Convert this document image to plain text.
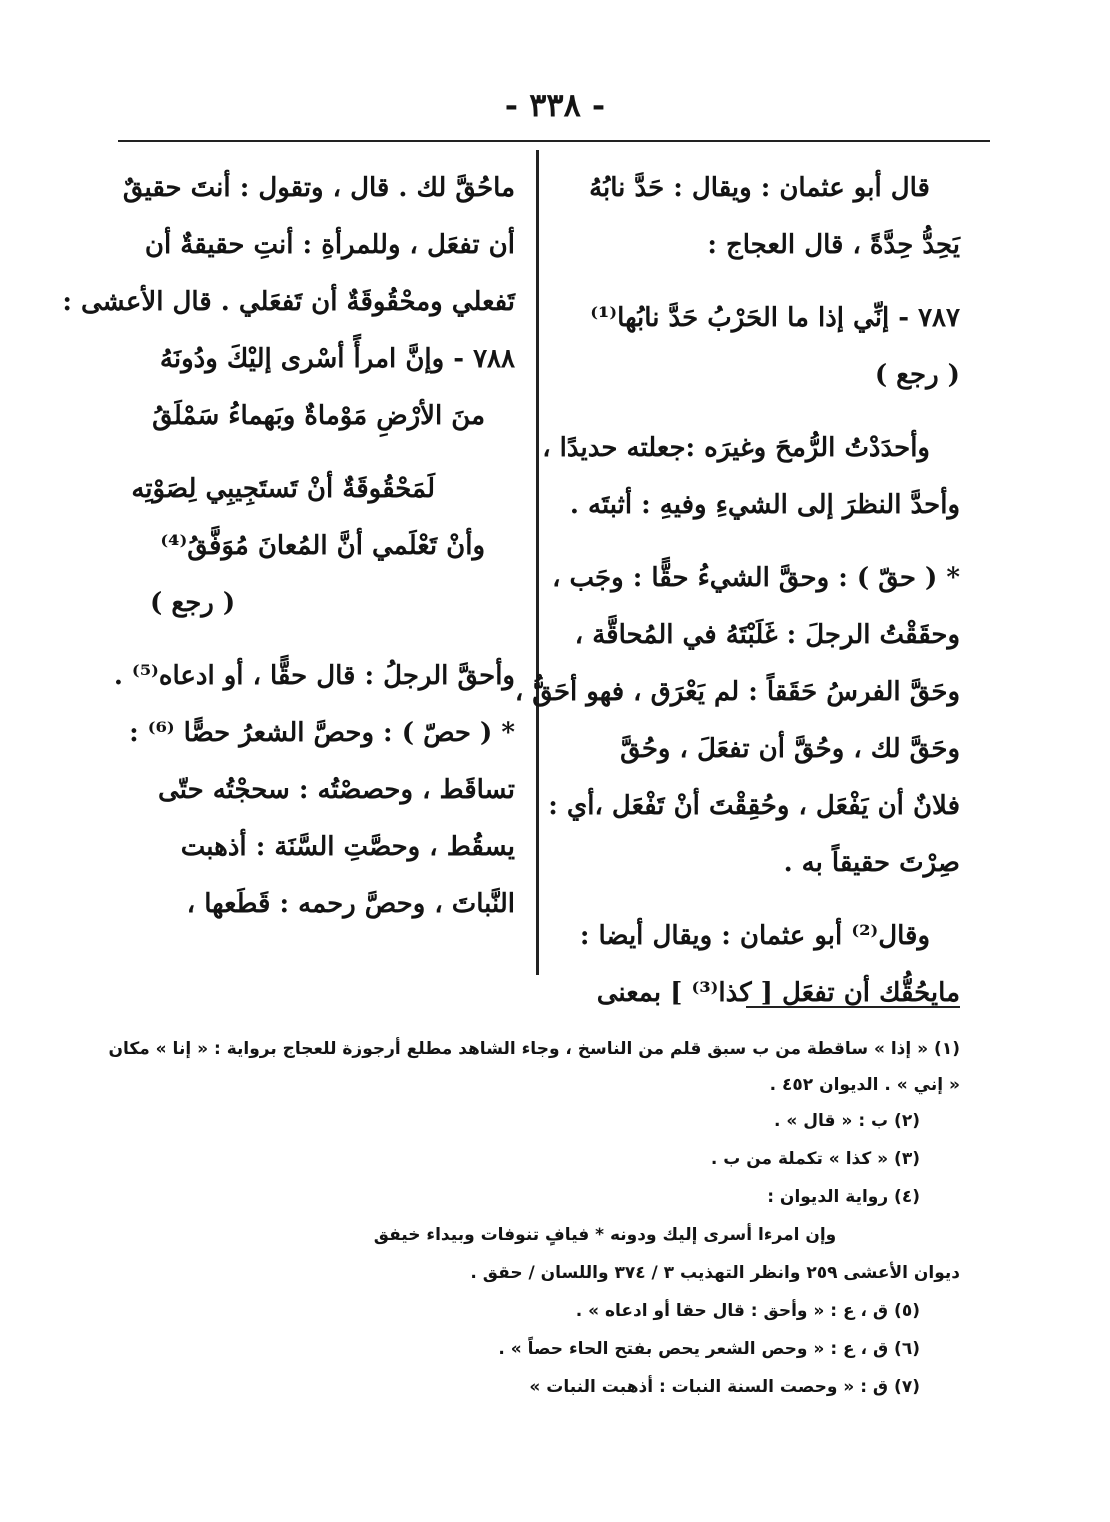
- ٣٣٨ -
قال أبو عثمان : ويقال : حَدَّ نابُهُ
يَحِدُّ حِدَّةً ، قال العجاج :
٧٨٧ - إنِّي إذا ما الحَرْبُ حَدَّ نابُها⁽¹⁾
( رجع )
وأحدَدْتُ الرُّمحَ وغيرَه :جعلته حديدًا ،
وأحدَّ النظرَ إلى الشيءِ وفيهِ : أثبتَه .
* ( حقّ ) : وحقَّ الشيءُ حقًّا : وجَب ،
وحقَقْتُ الرجلَ : غَلَبْتَهُ في المُحاقَّة ،
وحَقَّ الفرسُ حَقَقاً : لم يَعْرَق ، فهو أحَقُّ ،
وحَقَّ لك ، وحُقَّ أن تفعَلَ ، وحُقَّ
فلانٌ أن يَفْعَل ، وحُقِقْتَ أنْ تَفْعَل ،أي :
صِرْتَ حقيقاً به .
وقال⁽²⁾ أبو عثمان : ويقال أيضا :
مايحُقُّك أن تفعَل [ كذا⁽³⁾ ] بمعنى
ماحُقَّ لك . قال ، وتقول : أنتَ حقيقٌ
أن تفعَل ، وللمرأةِ : أنتِ حقيقةٌ أن
تَفعلي ومحْقُوقَةٌ أن تَفعَلي . قال الأعشى :
٧٨٨ - وإنَّ امرأً أسْرى إليْكَ ودُونَهُ
منَ الأرْضِ مَوْماةٌ وبَهماءُ سَمْلَقُ
لَمَحْقُوقَةٌ أنْ تَستَجِيبِي لِصَوْتِه
وأنْ تَعْلَمي أنَّ المُعانَ مُوَفَّقُ⁽⁴⁾
( رجع )
وأحقَّ الرجلُ : قال حقًّا ، أو ادعاه⁽⁵⁾ .
* ( حصّ ) : وحصَّ الشعرُ حصًّا ⁽⁶⁾ :
تساقَط ، وحصصْتُه : سحجْتُه حتّى
يسقُط ، وحصَّتِ السَّنَة : أذهبت
النَّباتَ ، وحصَّ رحمه : قَطَعها ،
(١) « إذا » ساقطة من ب سبق قلم من الناسخ ، وجاء الشاهد مطلع أرجوزة للعجاج برواية : « إنا » مكان
« إني » . الديوان ٤٥٢ .
(٢) ب : « قال » .
(٣) « كذا » تكملة من ب .
(٤) رواية الديوان :
وإن امرءا أسرى إليك ودونه * فيافٍ تنوفات وبيداء خيفق
ديوان الأعشى ٢٥٩ وانظر التهذيب ٣ / ٣٧٤ واللسان / حقق .
(٥) ق ، ع : « وأحق : قال حقا أو ادعاه » .
(٦) ق ، ع : « وحص الشعر يحص بفتح الحاء حصاً » .
(٧) ق : « وحصت السنة النبات : أذهبت النبات »
